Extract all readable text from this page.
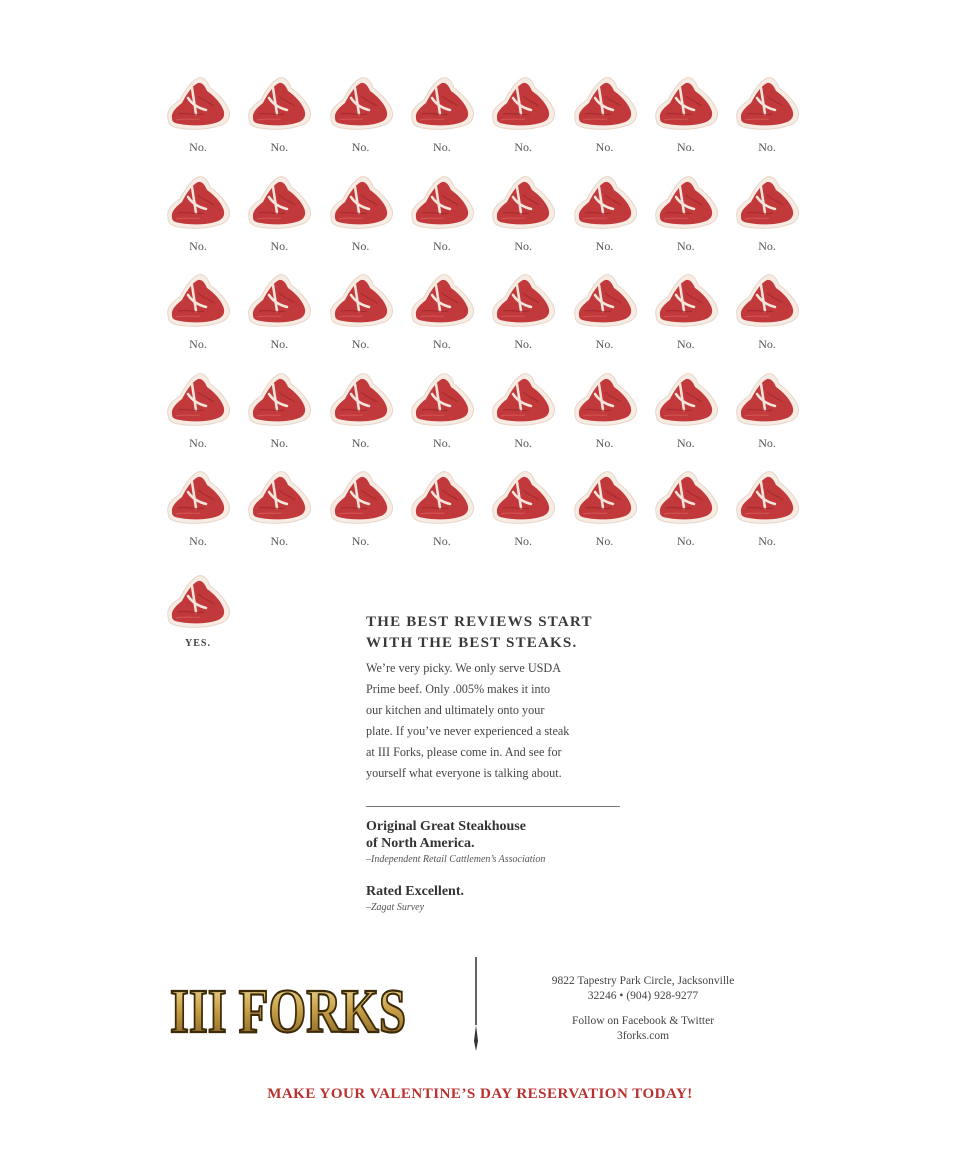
No.	No.	No.	No.	No.	No.	No.	No.
No.	No.	No.	No.	No.	No.	No.	No.
No.	No.	No.	No.	No.	No.	No.	No.
No.	No.	No.	No.	No.	No.	No.	No.
No.	No.	No.	No.	No.	No.	No.	No.
YES.

THE BEST REVIEWS START
WITH THE BEST STEAKS.

We’re very picky. We only serve USDA
Prime beef. Only .005% makes it into
our kitchen and ultimately onto your
plate. If you’ve never experienced a steak
at III Forks, please come in. And see for
yourself what everyone is talking about.

Original Great Steakhouse
of North America.

–Independent Retail Cattlemen’s Association

Rated Excellent.

–Zagat Survey

III FORKS	9822 Tapestry Park Circle, Jacksonville

32246 • (904) 928-9277

Follow on Facebook & Twitter

3forks.com

MAKE YOUR VALENTINE’S DAY RESERVATION TODAY!
